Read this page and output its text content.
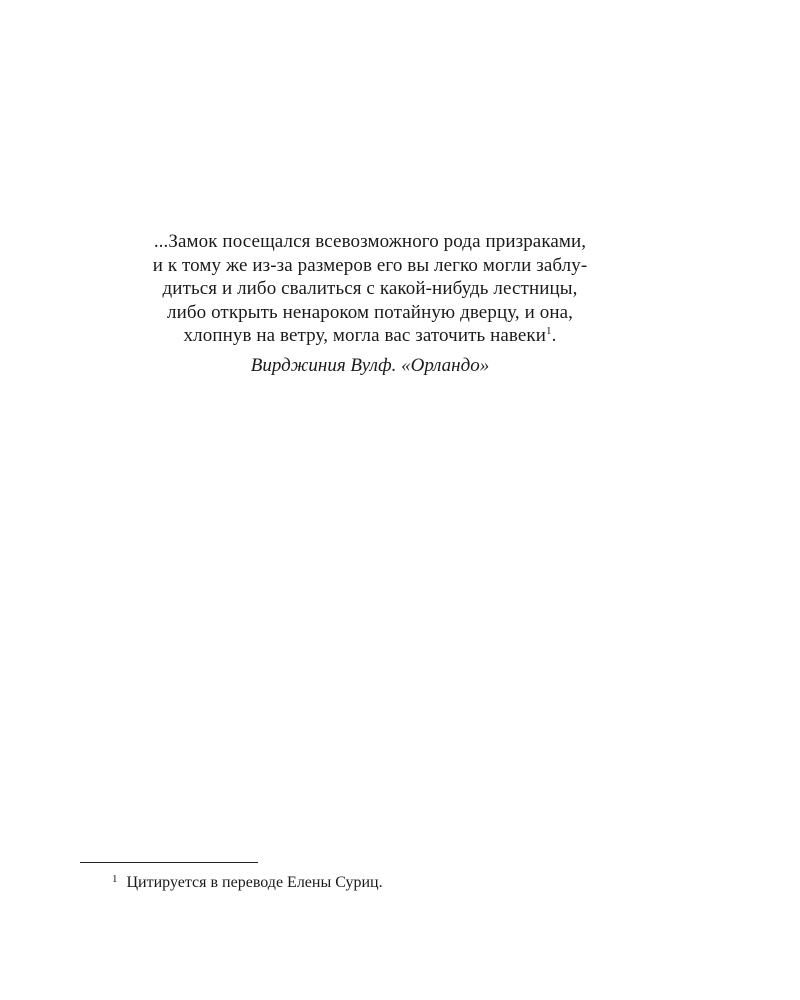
...Замок посещался всевозможного рода призраками,
и к тому же из-за размеров его вы легко могли заблу-
диться и либо свалиться с какой-нибудь лестницы,
либо открыть ненароком потайную дверцу, и она,
хлопнув на ветру, могла вас заточить навеки$^1$.
Вирджиния Вулф. «Орландо»
$^1$ Цитируется в переводе Елены Суриц.
